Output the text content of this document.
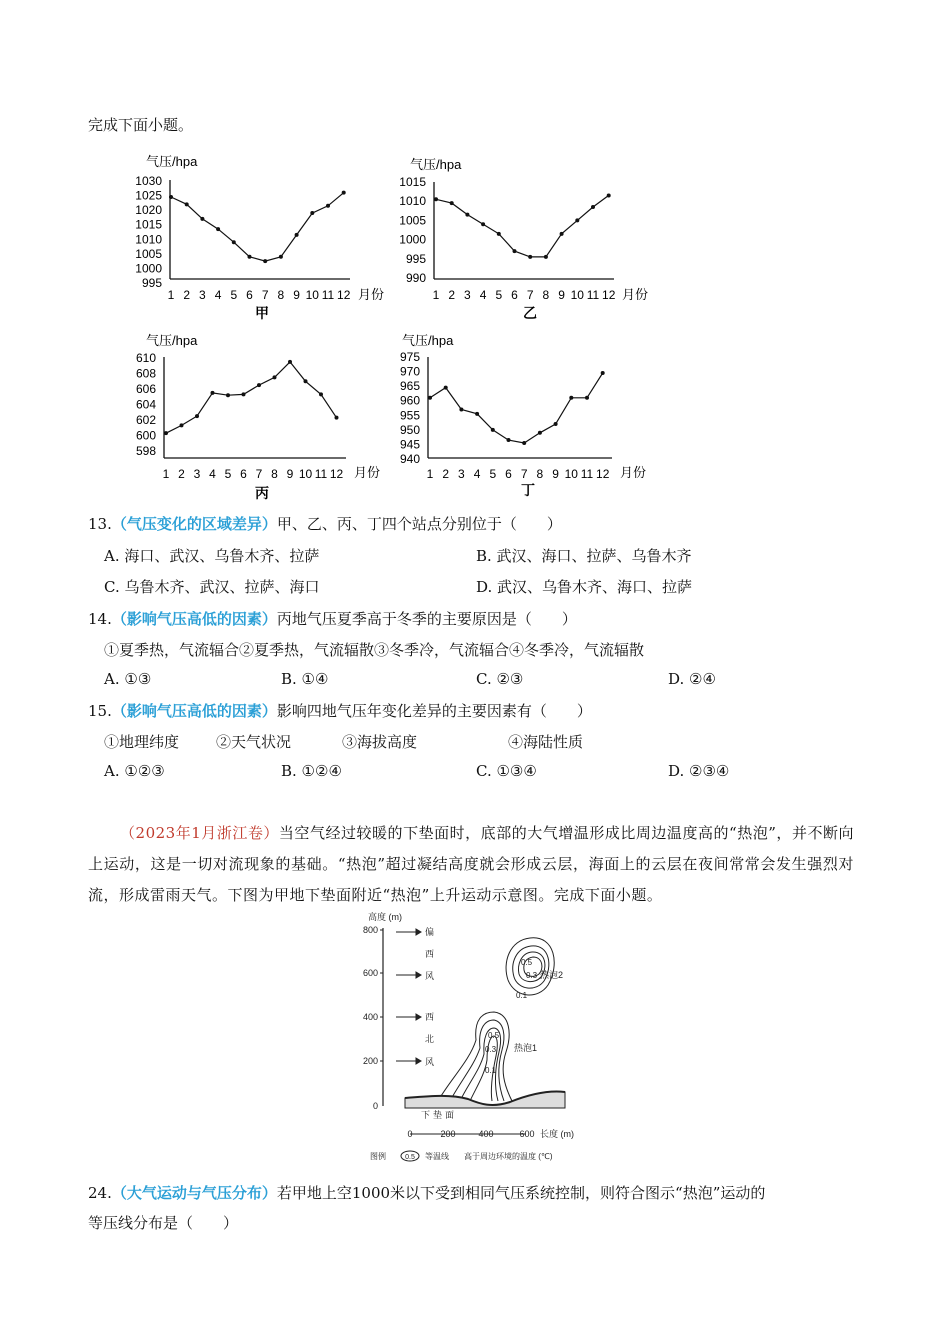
完成下面小题。
气压/hpa
1030
1025
1020
1015
1010
1005
1000
995
1 2 3 4 5 6 7 8 9 10 11 12 月份
甲
气压/hpa
1015
1010
1005
1000
995
990
1 2 3 4 5 6 7 8 9 10 11 12 月份
乙
气压/hpa
610
608
606
604
602
600
598
1 2 3 4 5 6 7 8 9 10 11 12 月份
丙
气压/hpa
975
970
965
960
955
950
945
940
1 2 3 4 5 6 7 8 9 10 11 12 月份
丁
13.（气压变化的区域差异）甲、乙、丙、丁四个站点分别位于（　　）
A. 海口、武汉、乌鲁木齐、拉萨	B. 武汉、海口、拉萨、乌鲁木齐
C. 乌鲁木齐、武汉、拉萨、海口	D. 武汉、乌鲁木齐、海口、拉萨
14.（影响气压高低的因素）丙地气压夏季高于冬季的主要原因是（　　）
①夏季热，气流辐合②夏季热，气流辐散③冬季冷，气流辐合④冬季冷，气流辐散
A. ①③	B. ①④	C. ②③	D. ②④
15.（影响气压高低的因素）影响四地气压年变化差异的主要因素有（　　）
①地理纬度 ②天气状况	③海拔高度	④海陆性质
A. ①②③	B. ①②④	C. ①③④	D. ②③④
（2023年1月浙江卷）当空气经过较暖的下垫面时，底部的大气增温形成比周边温度高的“热泡”，并不断向上运动，这是一切对流现象的基础。“热泡”超过凝结高度就会形成云层，海面上的云层在夜间常常会发生强烈对流，形成雷雨天气。下图为甲地下垫面附近“热泡”上升运动示意图。完成下面小题。
高度 (m)
800
600
400
200
0
偏
西
风
西
北
风
0.5
0.3
0.1
热泡2
0.5
0.3
0.1
热泡1
下垫面
0	200	400	600 长度 (m)
图例	0.5 等温线 高于周边环境的温度 (℃)
24.（大气运动与气压分布）若甲地上空1000米以下受到相同气压系统控制，则符合图示“热泡”运动的
等压线分布是（　　）
